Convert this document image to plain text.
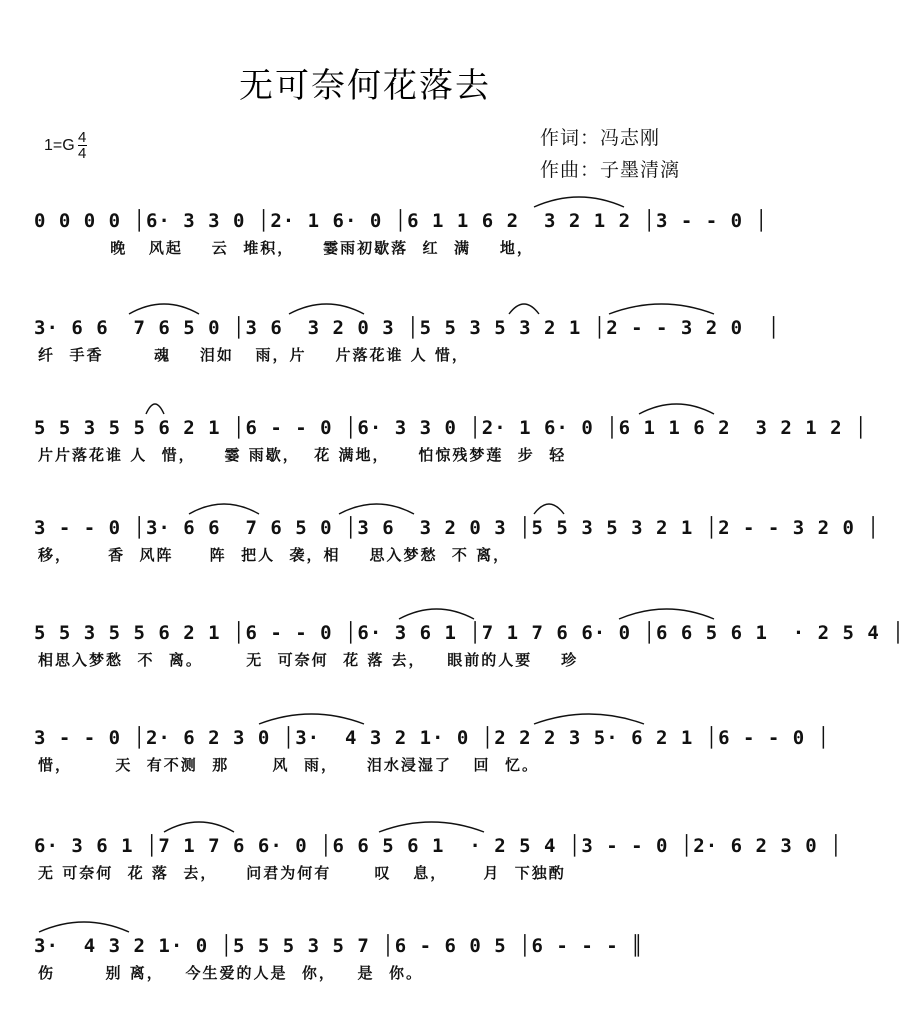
无可奈何花落去
$1=G \frac{4}{4}$	作词：冯志刚
作曲：子墨清漓
0 0 0 0 │6· 3 3 0 │2· 1 6· 0 │6 1 1 6 2  3 2 1 2 │3 - - 0 │
晚   风起    云  堆积，    霎雨初歇落  红  满    地，
3· 6 6  7 6 5 0 │3 6  3 2 0 3 │5 5 3 5 3 2 1 │2 - - 3 2 0  │
纤  手香       魂    泪如   雨，片    片落花谁 人 惜，
5 5 3 5 5 6 2 1 │6 - - 0 │6· 3 3 0 │2· 1 6· 0 │6 1 1 6 2  3 2 1 2 │
片片落花谁 人  惜，    霎 雨歇，  花 满地，    怕惊残梦莲  步  轻
3 - - 0 │3· 6 6  7 6 5 0 │3 6  3 2 0 3 │5 5 3 5 3 2 1 │2 - - 3 2 0 │
移，     香  风阵     阵  把人  袭，相    思入梦愁  不 离，
5 5 3 5 5 6 2 1 │6 - - 0 │6· 3 6 1 │7 1 7 6 6· 0 │6 6 5 6 1  · 2 5 4 │
相思入梦愁  不  离。      无  可奈何  花 落 去，   眼前的人要    珍
3 - - 0 │2· 6 2 3 0 │3·  4 3 2 1· 0 │2 2 2 3 5· 6 2 1 │6 - - 0 │
惜，      天  有不测  那      风  雨，    泪水浸湿了   回  忆。
6· 3 6 1 │7 1 7 6 6· 0 │6 6 5 6 1  · 2 5 4 │3 - - 0 │2· 6 2 3 0 │
无 可奈何  花 落  去，    问君为何有      叹   息，     月  下独酌
3·  4 3 2 1· 0 │5 5 5 3 5 7 │6 - 6 0 5 │6 - - - ║
伤       别 离，   今生爱的人是  你，   是  你。
